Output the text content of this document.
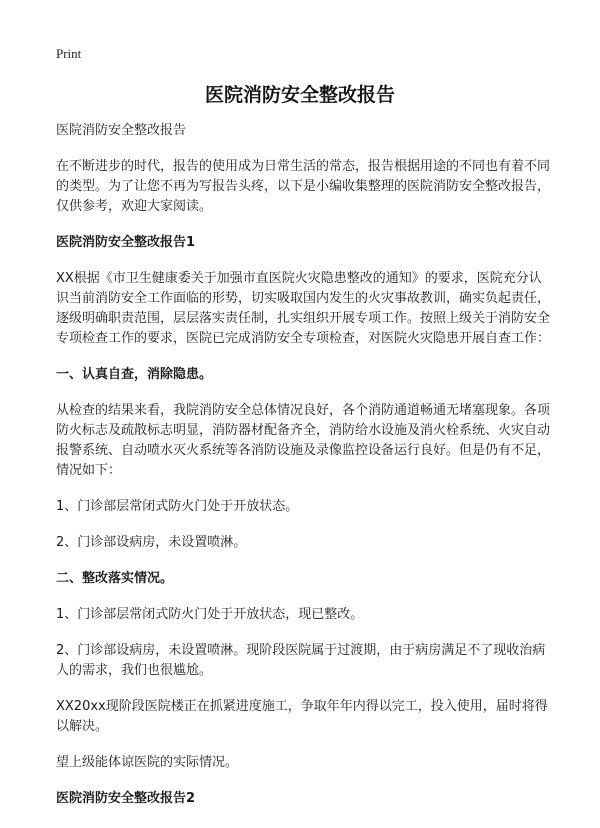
Print
医院消防安全整改报告

医院消防安全整改报告

在不断进步的时代，报告的使用成为日常生活的常态，报告根据用途的不同也有着不同的类型。为了让您不再为写报告头疼，以下是小编收集整理的医院消防安全整改报告，仅供参考，欢迎大家阅读。

医院消防安全整改报告1

XX根据《市卫生健康委关于加强市直医院火灾隐患整改的通知》的要求，医院充分认识当前消防安全工作面临的形势，切实吸取国内发生的火灾事故教训，确实负起责任，逐级明确职责范围，层层落实责任制，扎实组织开展专项工作。按照上级关于消防安全专项检查工作的要求，医院已完成消防安全专项检查，对医院火灾隐患开展自查工作：

一、认真自查，消除隐患。

从检查的结果来看，我院消防安全总体情况良好，各个消防通道畅通无堵塞现象。各项防火标志及疏散标志明显，消防器材配备齐全，消防给水设施及消火栓系统、火灾自动报警系统、自动喷水灭火系统等各消防设施及录像监控设备运行良好。但是仍有不足，情况如下：

1、门诊部层常闭式防火门处于开放状态。

2、门诊部设病房，未设置喷淋。

二、整改落实情况。

1、门诊部层常闭式防火门处于开放状态，现已整改。

2、门诊部设病房，未设置喷淋。现阶段医院属于过渡期，由于病房满足不了现收治病人的需求，我们也很尴尬。

XX20xx现阶段医院楼正在抓紧进度施工，争取年年内得以完工，投入使用，届时将得以解决。

望上级能体谅医院的实际情况。

医院消防安全整改报告2
